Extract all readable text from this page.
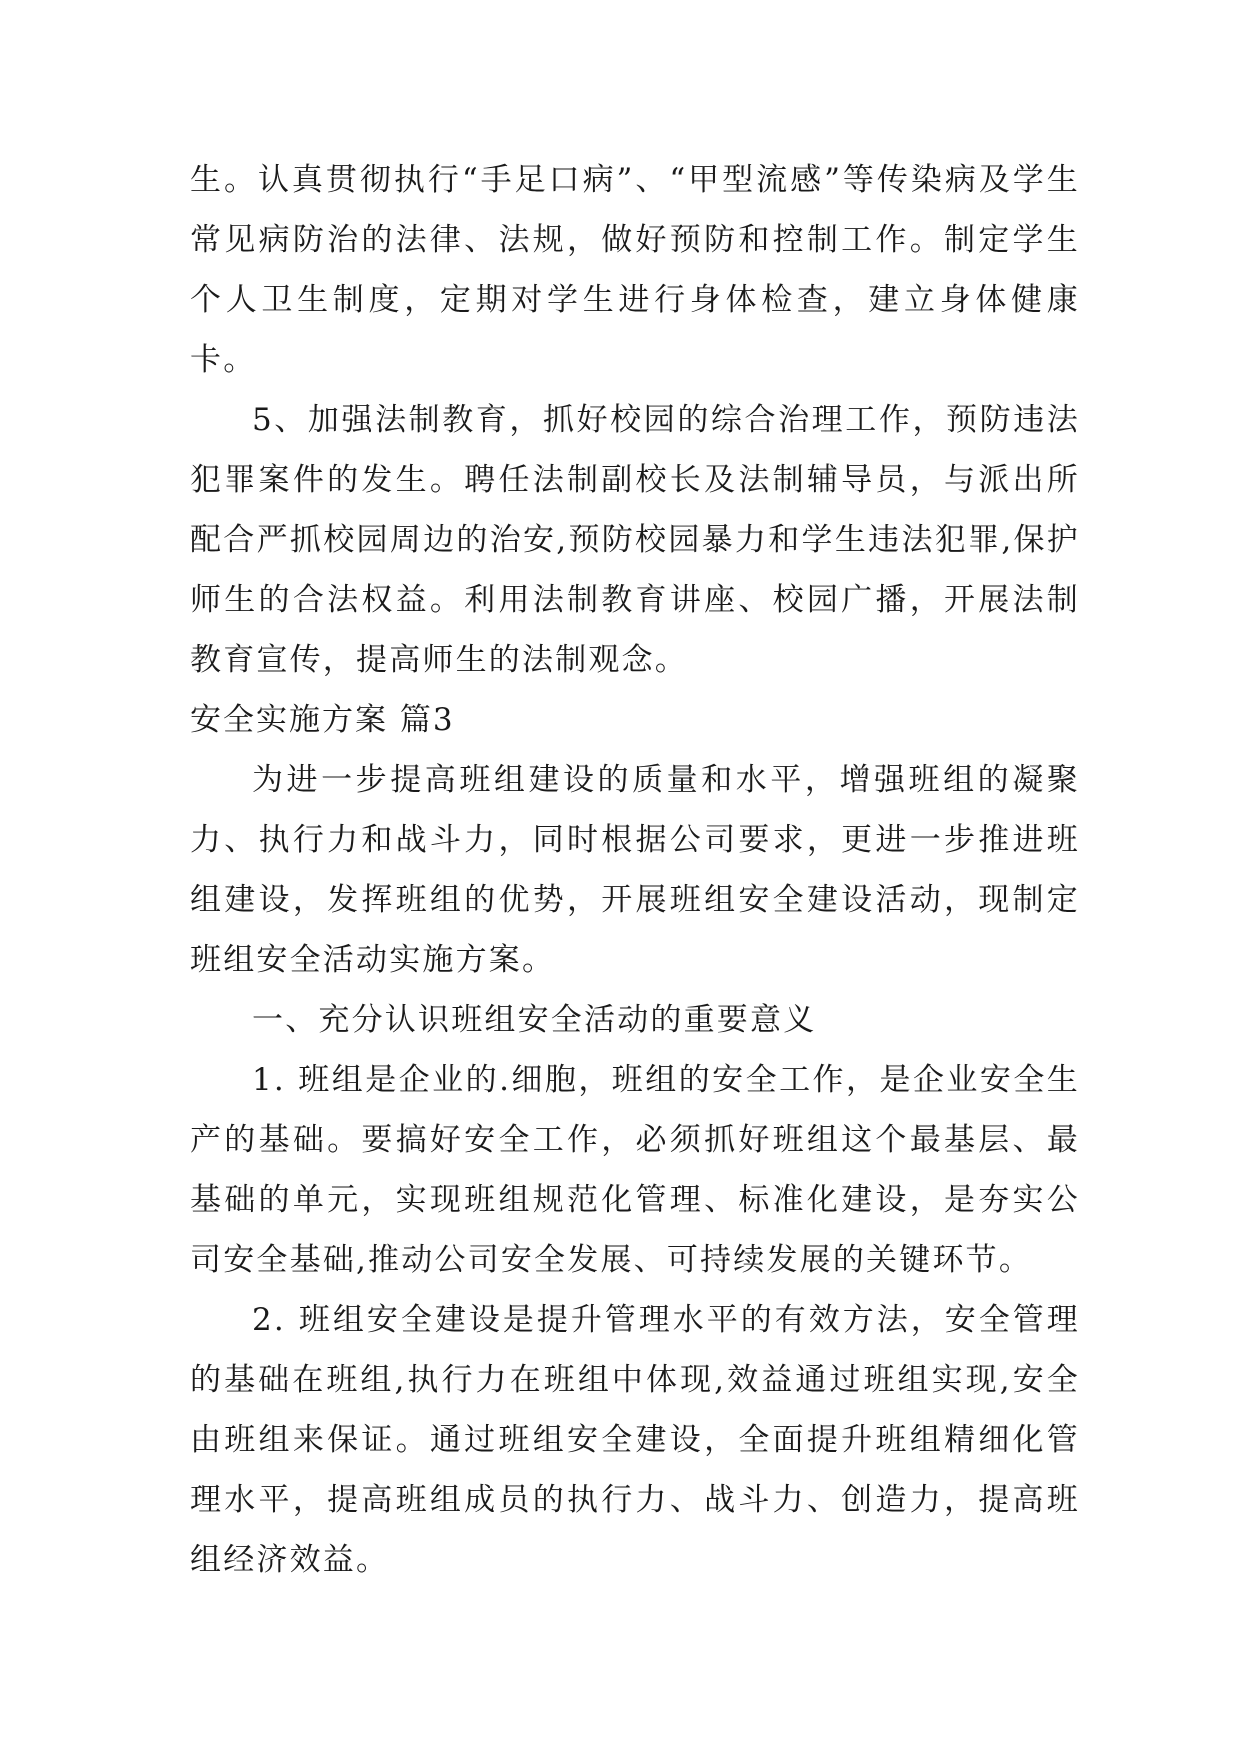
生。认真贯彻执行“手足口病”、“甲型流感”等传染病及学生常见病防治的法律、法规，做好预防和控制工作。制定学生个人卫生制度，定期对学生进行身体检查，建立身体健康卡。

5、加强法制教育，抓好校园的综合治理工作，预防违法犯罪案件的发生。聘任法制副校长及法制辅导员，与派出所配合严抓校园周边的治安,预防校园暴力和学生违法犯罪,保护师生的合法权益。利用法制教育讲座、校园广播，开展法制教育宣传，提高师生的法制观念。

安全实施方案 篇3

为进一步提高班组建设的质量和水平，增强班组的凝聚力、执行力和战斗力，同时根据公司要求，更进一步推进班组建设，发挥班组的优势，开展班组安全建设活动，现制定班组安全活动实施方案。

一、充分认识班组安全活动的重要意义

1. 班组是企业的.细胞，班组的安全工作，是企业安全生产的基础。要搞好安全工作，必须抓好班组这个最基层、最基础的单元，实现班组规范化管理、标准化建设，是夯实公司安全基础,推动公司安全发展、可持续发展的关键环节。

2. 班组安全建设是提升管理水平的有效方法，安全管理的基础在班组,执行力在班组中体现,效益通过班组实现,安全由班组来保证。通过班组安全建设，全面提升班组精细化管理水平，提高班组成员的执行力、战斗力、创造力，提高班组经济效益。
